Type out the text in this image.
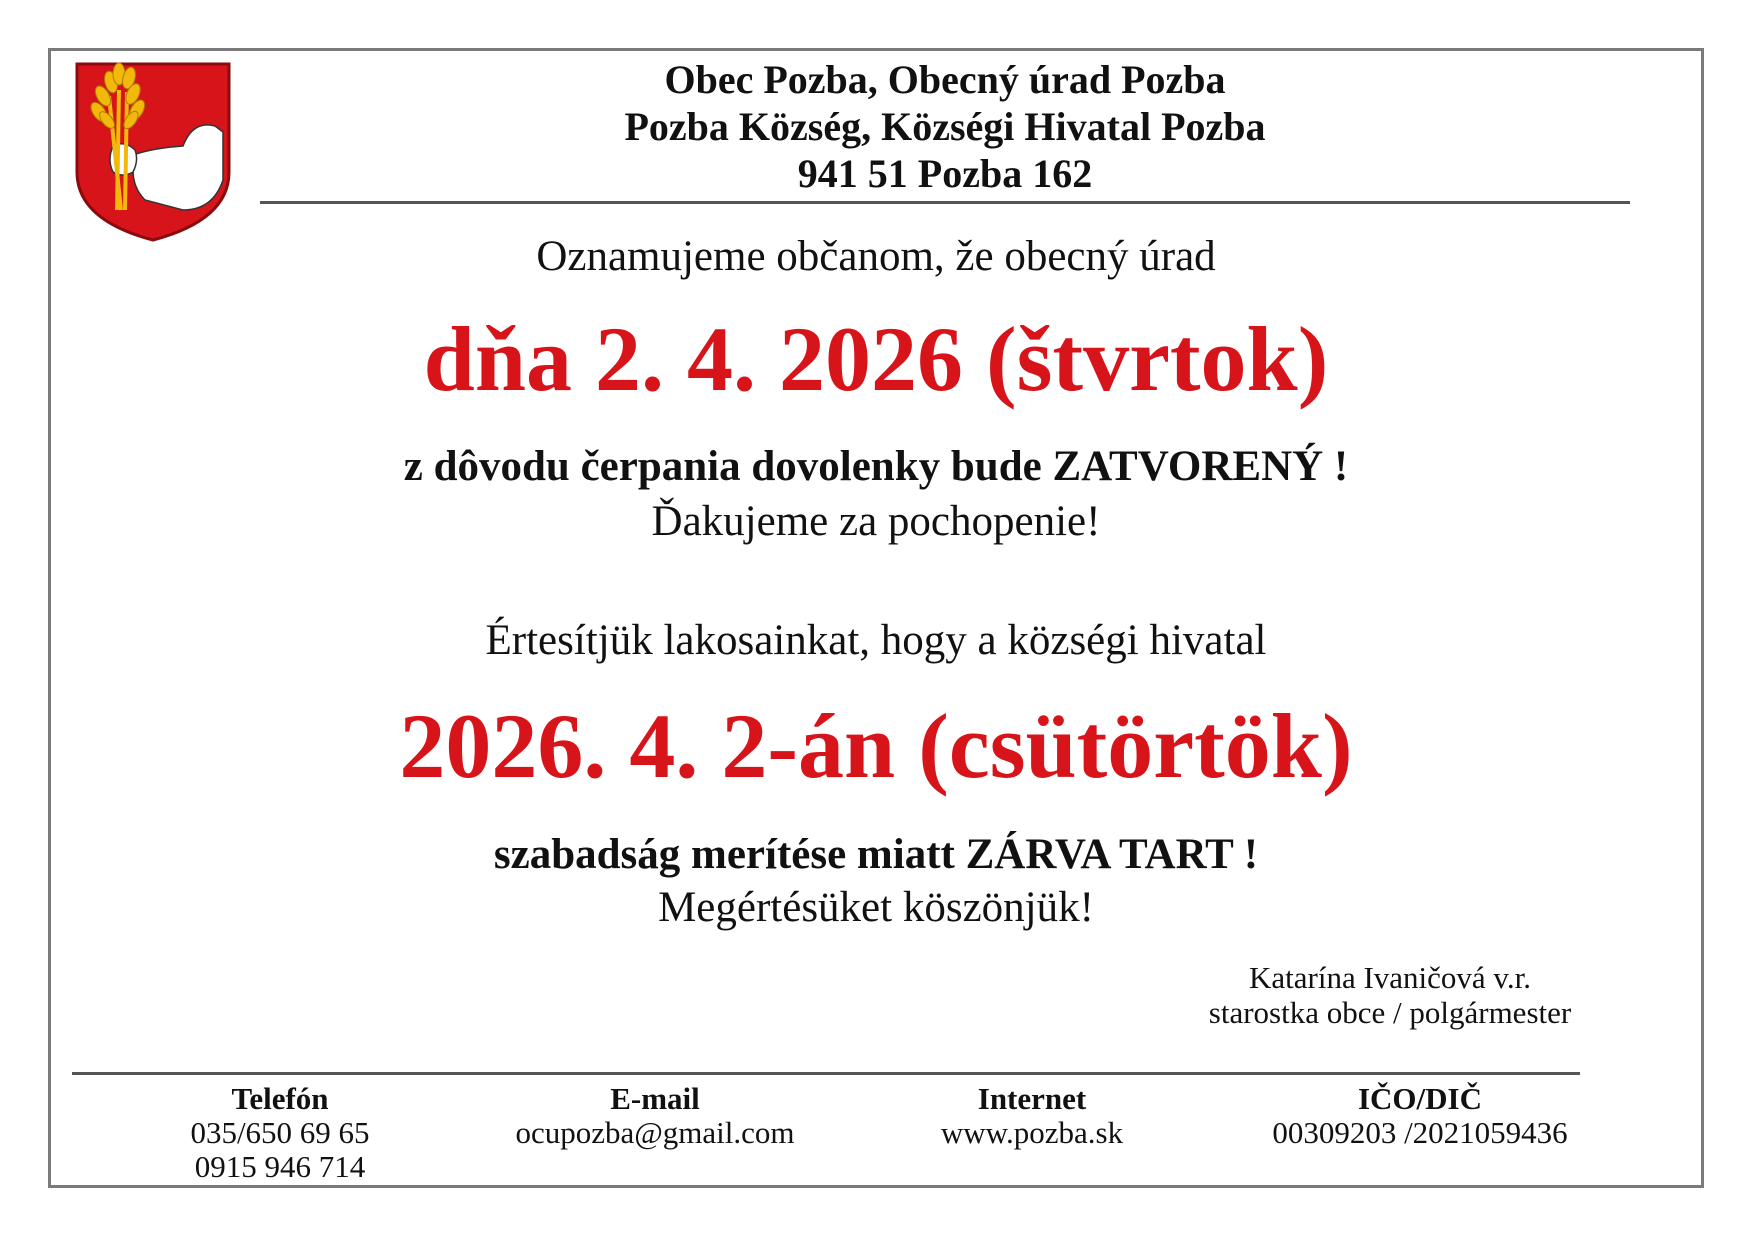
Obec Pozba, Obecný úrad Pozba
Pozba Község, Községi Hivatal Pozba
941 51 Pozba 162
Oznamujeme občanom, že obecný úrad
dňa 2. 4. 2026 (štvrtok)
z dôvodu čerpania dovolenky bude ZATVORENÝ !
Ďakujeme za pochopenie!
Értesítjük lakosainkat, hogy a községi hivatal
2026. 4. 2-án (csütörtök)
szabadság merítése miatt ZÁRVA TART !
Megértésüket köszönjük!
Katarína Ivaničová v.r.
starostka obce / polgármester
Telefón
035/650 69 65
0915 946 714
E-mail
ocupozba@gmail.com
Internet
www.pozba.sk
IČO/DIČ
00309203 /2021059436
